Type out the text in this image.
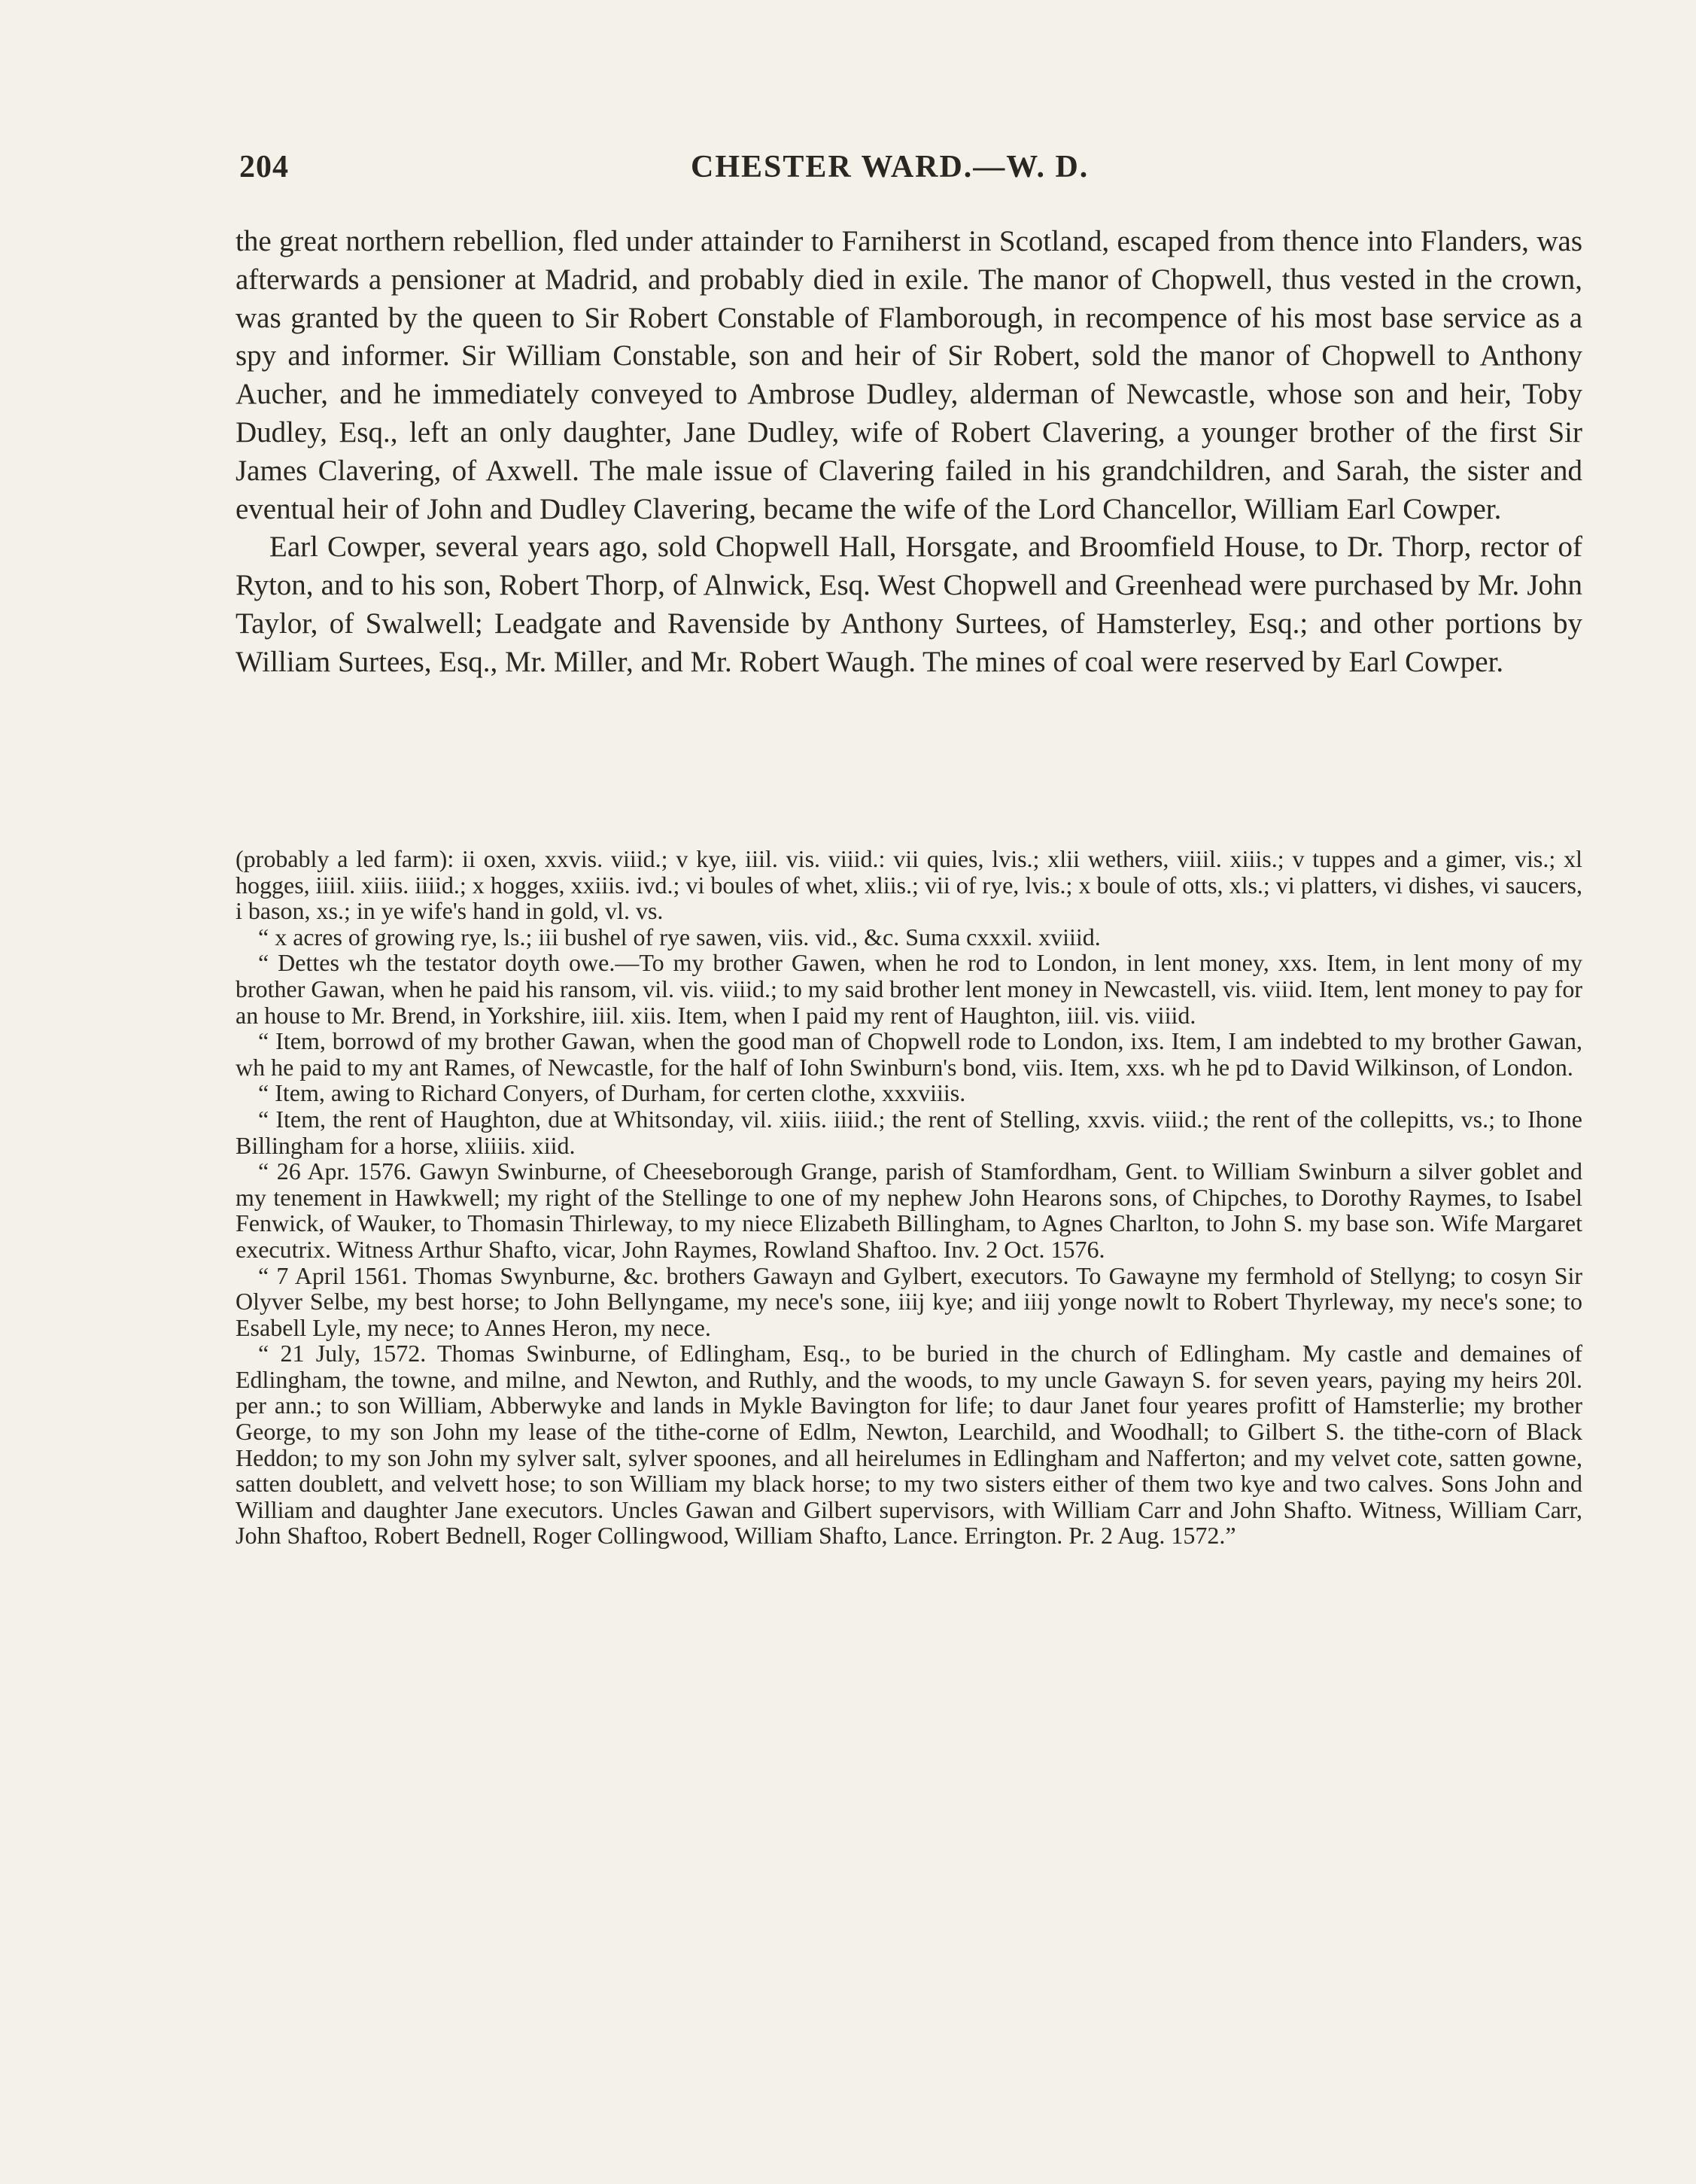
204	CHESTER WARD.—W. D.

the great northern rebellion, fled under attainder to Farniherst in Scotland, escaped from thence into Flanders, was afterwards a pensioner at Madrid, and probably died in exile. The manor of Chopwell, thus vested in the crown, was granted by the queen to Sir Robert Constable of Flamborough, in recompence of his most base service as a spy and informer. Sir William Constable, son and heir of Sir Robert, sold the manor of Chopwell to Anthony Aucher, and he immediately conveyed to Ambrose Dudley, alderman of Newcastle, whose son and heir, Toby Dudley, Esq., left an only daughter, Jane Dudley, wife of Robert Clavering, a younger brother of the first Sir James Clavering, of Axwell. The male issue of Clavering failed in his grandchildren, and Sarah, the sister and eventual heir of John and Dudley Clavering, became the wife of the Lord Chancellor, William Earl Cowper.

Earl Cowper, several years ago, sold Chopwell Hall, Horsgate, and Broomfield House, to Dr. Thorp, rector of Ryton, and to his son, Robert Thorp, of Alnwick, Esq. West Chopwell and Greenhead were purchased by Mr. John Taylor, of Swalwell; Leadgate and Ravenside by Anthony Surtees, of Hamsterley, Esq.; and other portions by William Surtees, Esq., Mr. Miller, and Mr. Robert Waugh. The mines of coal were reserved by Earl Cowper.

(probably a led farm): ii oxen, xxvis. viiid.; v kye, iiil. vis. viiid.: vii quies, lvis.; xlii wethers, viiil. xiiis.; v tuppes and a gimer, vis.; xl hogges, iiiil. xiiis. iiiid.; x hogges, xxiiis. ivd.; vi boules of whet, xliis.; vii of rye, lvis.; x boule of otts, xls.; vi platters, vi dishes, vi saucers, i bason, xs.; in ye wife's hand in gold, vl. vs.

“ x acres of growing rye, ls.; iii bushel of rye sawen, viis. vid., &c. Suma cxxxil. xviiid.

“ Dettes wh the testator doyth owe.—To my brother Gawen, when he rod to London, in lent money, xxs. Item, in lent mony of my brother Gawan, when he paid his ransom, vil. vis. viiid.; to my said brother lent money in Newcastell, vis. viiid. Item, lent money to pay for an house to Mr. Brend, in Yorkshire, iiil. xiis. Item, when I paid my rent of Haughton, iiil. vis. viiid.

“ Item, borrowd of my brother Gawan, when the good man of Chopwell rode to London, ixs. Item, I am indebted to my brother Gawan, wh he paid to my ant Rames, of Newcastle, for the half of Iohn Swinburn's bond, viis. Item, xxs. wh he pd to David Wilkinson, of London.

“ Item, awing to Richard Conyers, of Durham, for certen clothe, xxxviiis.

“ Item, the rent of Haughton, due at Whitsonday, vil. xiiis. iiiid.; the rent of Stelling, xxvis. viiid.; the rent of the collepitts, vs.; to Ihone Billingham for a horse, xliiiis. xiid.

“ 26 Apr. 1576. Gawyn Swinburne, of Cheeseborough Grange, parish of Stamfordham, Gent. to William Swinburn a silver goblet and my tenement in Hawkwell; my right of the Stellinge to one of my nephew John Hearons sons, of Chipches, to Dorothy Raymes, to Isabel Fenwick, of Wauker, to Thomasin Thirleway, to my niece Elizabeth Billingham, to Agnes Charlton, to John S. my base son. Wife Margaret executrix. Witness Arthur Shafto, vicar, John Raymes, Rowland Shaftoo. Inv. 2 Oct. 1576.

“ 7 April 1561. Thomas Swynburne, &c. brothers Gawayn and Gylbert, executors. To Gawayne my fermhold of Stellyng; to cosyn Sir Olyver Selbe, my best horse; to John Bellyngame, my nece's sone, iiij kye; and iiij yonge nowlt to Robert Thyrleway, my nece's sone; to Esabell Lyle, my nece; to Annes Heron, my nece.

“ 21 July, 1572. Thomas Swinburne, of Edlingham, Esq., to be buried in the church of Edlingham. My castle and demaines of Edlingham, the towne, and milne, and Newton, and Ruthly, and the woods, to my uncle Gawayn S. for seven years, paying my heirs 20l. per ann.; to son William, Abberwyke and lands in Mykle Bavington for life; to daur Janet four yeares profitt of Hamsterlie; my brother George, to my son John my lease of the tithe-corne of Edlm, Newton, Learchild, and Woodhall; to Gilbert S. the tithe-corn of Black Heddon; to my son John my sylver salt, sylver spoones, and all heirelumes in Edlingham and Nafferton; and my velvet cote, satten gowne, satten doublett, and velvett hose; to son William my black horse; to my two sisters either of them two kye and two calves. Sons John and William and daughter Jane executors. Uncles Gawan and Gilbert supervisors, with William Carr and John Shafto. Witness, William Carr, John Shaftoo, Robert Bednell, Roger Collingwood, William Shafto, Lance. Errington. Pr. 2 Aug. 1572.”
